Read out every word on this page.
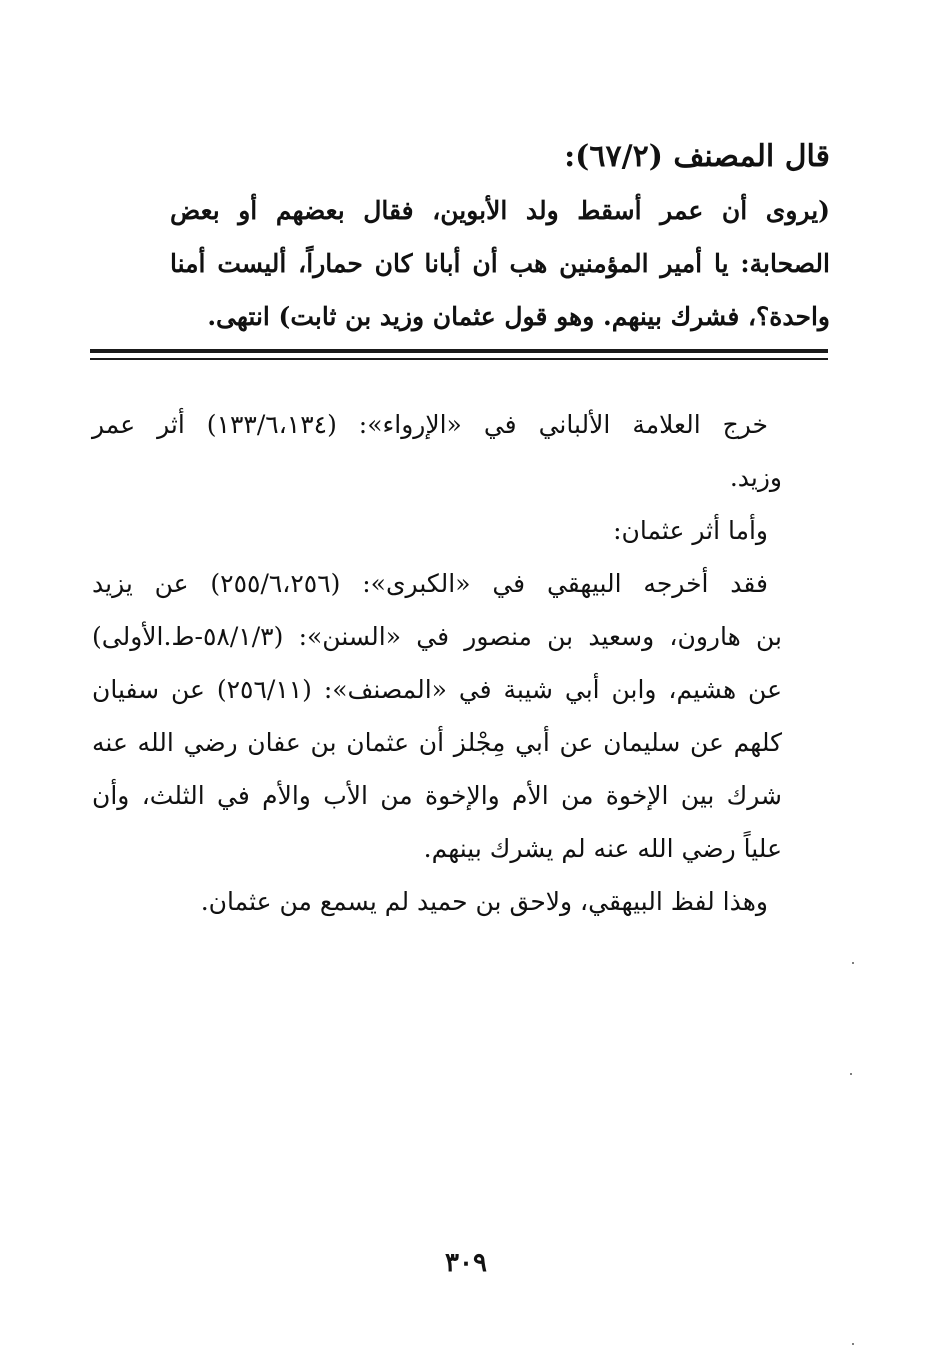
قال المصنف (٦٧/٢):
(يروى أن عمر أسقط ولد الأبوين، فقال بعضهم أو بعض
الصحابة: يا أمير المؤمنين هب أن أبانا كان حماراً، أليست أمنا
واحدة؟، فشرك بينهم. وهو قول عثمان وزيد بن ثابت) انتهى.
خرج العلامة الألباني في «الإرواء»: (١٣٣/٦،١٣٤) أثر عمر
وزيد.
وأما أثر عثمان:
فقد أخرجه البيهقي في «الكبرى»: (٢٥٥/٦،٢٥٦) عن يزيد
بن هارون، وسعيد بن منصور في «السنن»: (٥٨/١/٣-ط.الأولى)
عن هشيم، وابن أبي شيبة في «المصنف»: (٢٥٦/١١) عن سفيان
كلهم عن سليمان عن أبي مِجْلز أن عثمان بن عفان رضي الله عنه
شرك بين الإخوة من الأم والإخوة من الأب والأم في الثلث، وأن
علياً رضي الله عنه لم يشرك بينهم.
وهذا لفظ البيهقي، ولاحق بن حميد لم يسمع من عثمان.
٣٠٩
